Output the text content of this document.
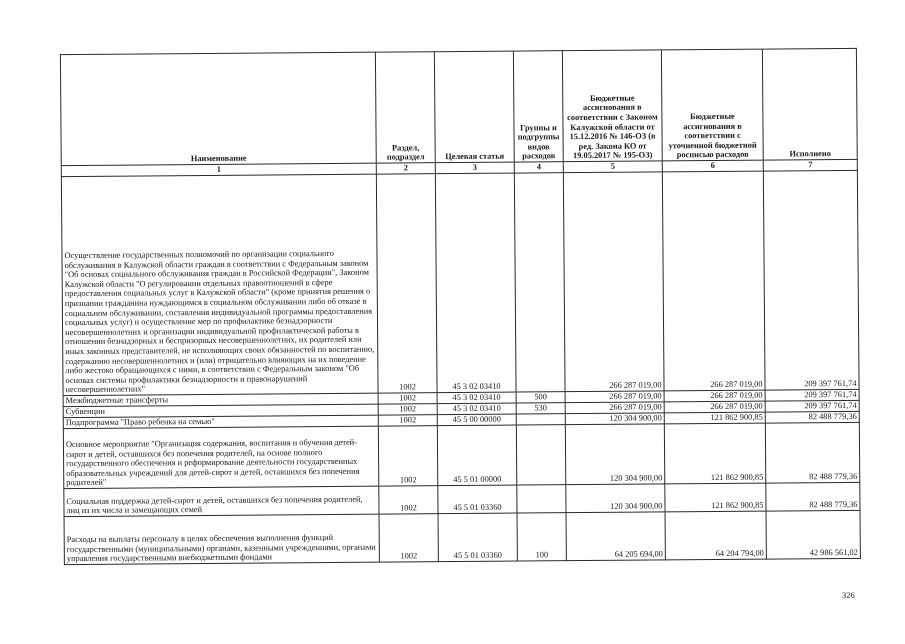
Наименование	Раздел, подраздел	Целевая статья	Группы и подгруппы видов расходов	Бюджетные ассигнования в соответствии с Законом Калужской области от 15.12.2016 № 146-ОЗ (в ред. Закона КО от 19.05.2017 № 195-ОЗ)	Бюджетные ассигнования в соответствии с уточненной бюджетной росписью расходов	Исполнено
1	2	3	4	5	6	7
Осуществление государственных полномочий по организации социального обслуживания в Калужской области граждан в соответствии с Федеральным законом "Об основах социального обслуживания граждан в Российской Федерации", Законом Калужской области "О регулировании отдельных правоотношений в сфере предоставления социальных услуг в Калужской области" (кроме принятия решения о признании гражданина нуждающимся в социальном обслуживании либо об отказе в социальном обслуживании, составления индивидуальной программы предоставления социальных услуг) и осуществление мер по профилактике безнадзорности несовершеннолетних и организации индивидуальной профилактической работы в отношении безнадзорных и беспризорных несовершеннолетних, их родителей или иных законных представителей, не исполняющих своих обязанностей по воспитанию, содержанию несовершеннолетних и (или) отрицательно влияющих на их поведение либо жестоко обращающихся с ними, в соответствии с Федеральным законом "Об основах системы профилактики безнадзорности и правонарушений несовершеннолетних"	1002	45 3 02 03410		266 287 019,00	266 287 019,00	209 397 761,74
Межбюджетные трансферты	1002	45 3 02 03410	500	266 287 019,00	266 287 019,00	209 397 761,74
Субвенции	1002	45 3 02 03410	530	266 287 019,00	266 287 019,00	209 397 761,74
Подпрограмма "Право ребенка на семью"	1002	45 5 00 00000		120 304 900,00	121 862 900,85	82 488 779,36
Основное мероприятие "Организация содержания, воспитания и обучения детей-сирот и детей, оставшихся без попечения родителей, на основе полного государственного обеспечения и реформирование деятельности государственных образовательных учреждений для детей-сирот и детей, оставшихся без попечения родителей"	1002	45 5 01 00000		120 304 900,00	121 862 900,85	82 488 779,36
Социальная поддержка детей-сирот и детей, оставшихся без попечения родителей, лиц из их числа и замещающих семей	1002	45 5 01 03360		120 304 900,00	121 862 900,85	82 488 779,36
Расходы на выплаты персоналу в целях обеспечения выполнения функций государственными (муниципальными) органами, казенными учреждениями, органами управления государственными внебюджетными фондами	1002	45 5 01 03360	100	64 205 694,00	64 204 794,00	42 986 561,02
326
